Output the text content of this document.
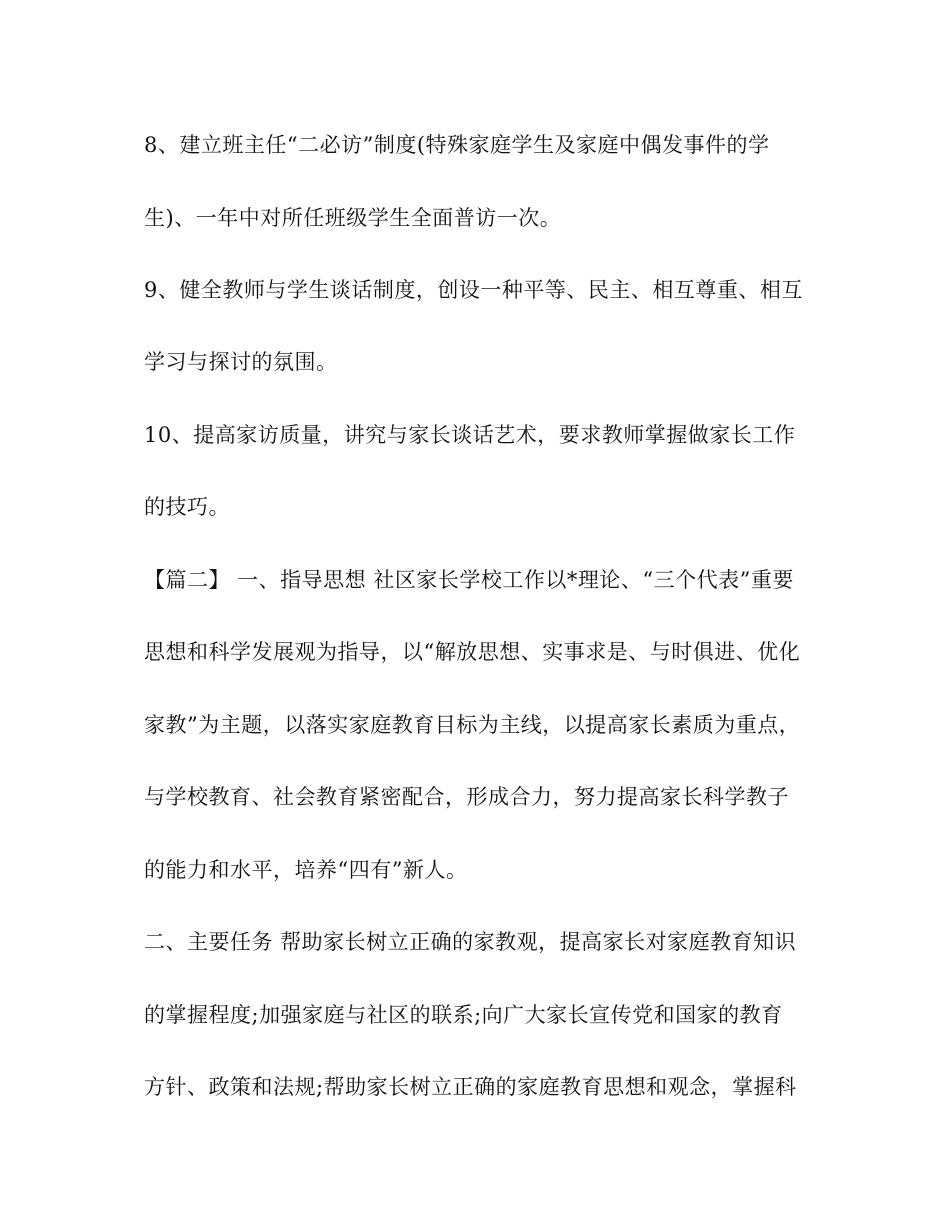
8、建立班主任“二必访”制度(特殊家庭学生及家庭中偶发事件的学
生)、一年中对所任班级学生全面普访一次。
9、健全教师与学生谈话制度，创设一种平等、民主、相互尊重、相互
学习与探讨的氛围。
10、提高家访质量，讲究与家长谈话艺术，要求教师掌握做家长工作
的技巧。
【篇二】 一、指导思想 社区家长学校工作以*理论、“三个代表”重要
思想和科学发展观为指导，以“解放思想、实事求是、与时俱进、优化
家教”为主题，以落实家庭教育目标为主线，以提高家长素质为重点，
与学校教育、社会教育紧密配合，形成合力，努力提高家长科学教子
的能力和水平，培养“四有”新人。
二、主要任务 帮助家长树立正确的家教观，提高家长对家庭教育知识
的掌握程度;加强家庭与社区的联系;向广大家长宣传党和国家的教育
方针、政策和法规;帮助家长树立正确的家庭教育思想和观念，掌握科
